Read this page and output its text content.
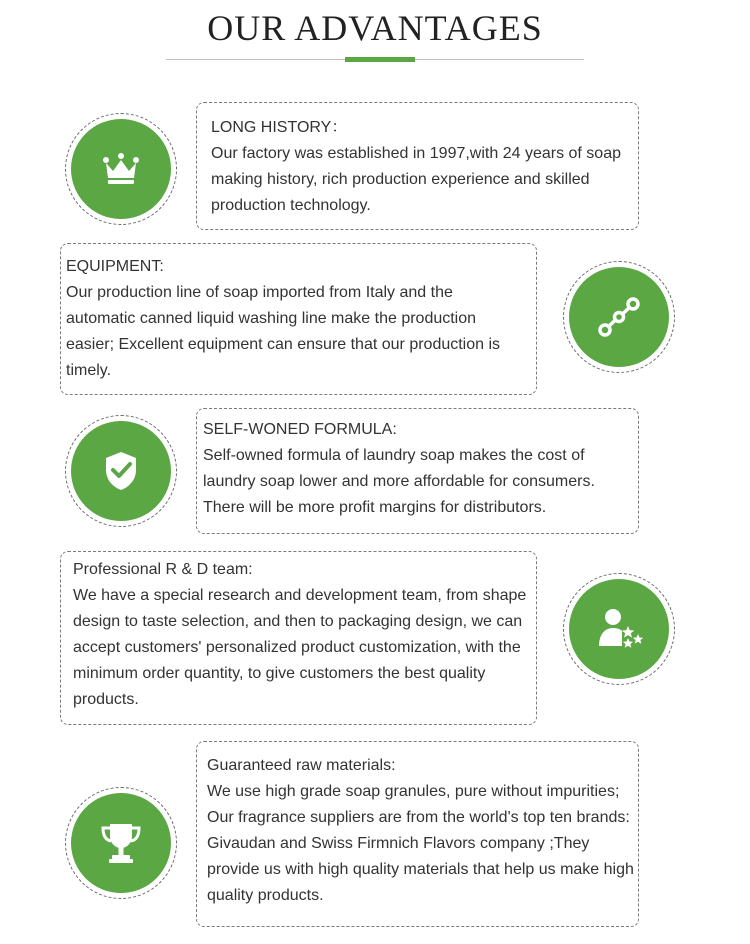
OUR ADVANTAGES

LONG HISTORY：

Our factory was established in 1997,with 24 years of soap making history, rich production experience and skilled production technology.

EQUIPMENT:

Our production line of soap imported from Italy and the automatic canned liquid washing line make the production easier; Excellent equipment can ensure that our production is timely.

SELF-WONED FORMULA:

Self-owned formula of laundry soap makes the cost of laundry soap lower and more affordable for consumers. There will be more profit margins for distributors.

Professional R & D team:

We have a special research and development team, from shape design to taste selection, and then to packaging design, we can accept customers' personalized product customization, with the minimum order quantity, to give customers the best quality products.

Guaranteed raw materials:

We use high grade soap granules, pure without impurities; Our fragrance suppliers are from the world's top ten brands: Givaudan and Swiss Firmnich Flavors company ;They provide us with high quality materials that help us make high quality products.
